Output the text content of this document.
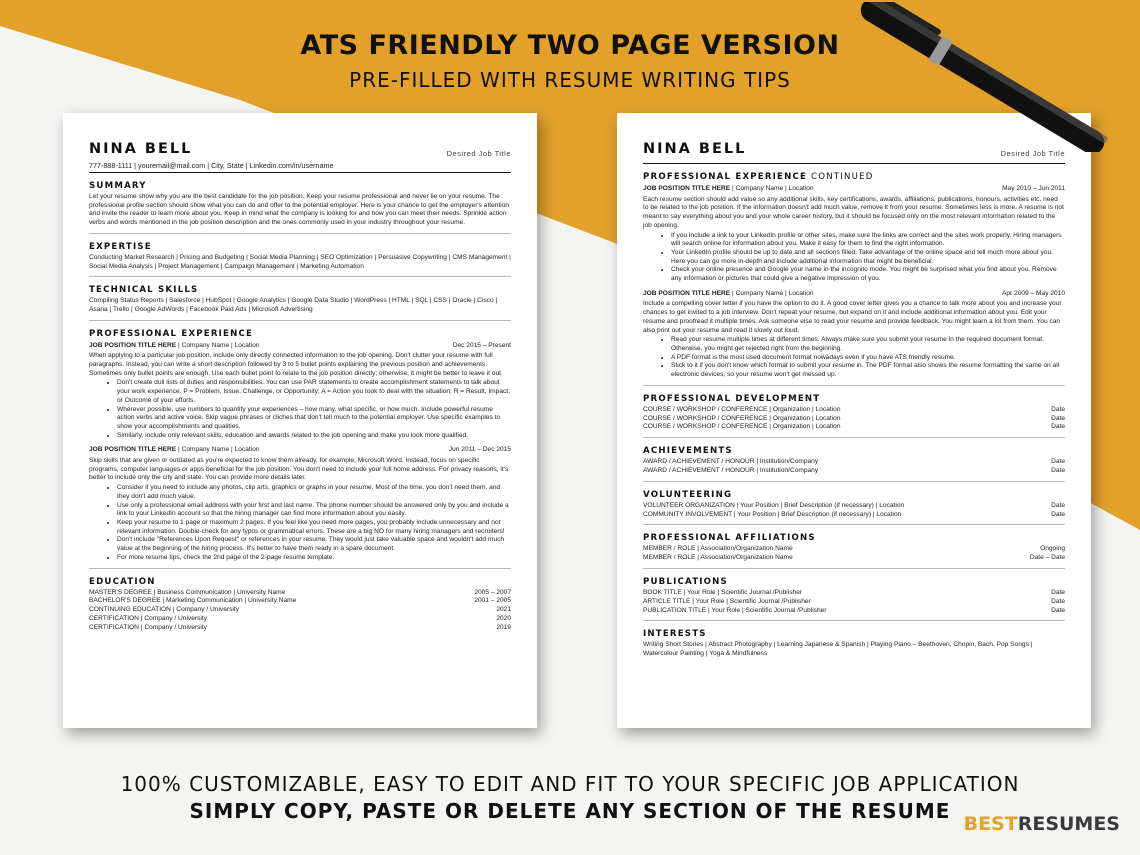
ATS FRIENDLY TWO PAGE VERSION
PRE-FILLED WITH RESUME WRITING TIPS
NINA BELL	Desired Job Title
777-888-1111 | youremail@mail.com | City, State | Linkedin.com/in/username
SUMMARY
Let your resume show why you are the best candidate for the job position. Keep your resume professional and never lie on your resume. The professional profile section should show what you can do and offer to the potential employer. Here is your chance to get the employer's attention and invite the reader to learn more about you. Keep in mind what the company is looking for and how you can meet their needs. Sprinkle action verbs and words mentioned in the job position description and the ones commonly used in your industry throughout your resume.
EXPERTISE
Conducting Market Research | Pricing and Budgeting | Social Media Planning | SEO Optimization | Persuasive Copywriting | CMS Management | Social Media Analysis | Project Management | Campaign Management | Marketing Automation
TECHNICAL SKILLS
Compiling Status Reports | Salesforce | HubSpot | Google Analytics | Google Data Studio | WordPress | HTML | SQL | CSS | Oracle | Cisco | Asana | Trello | Google AdWords | Facebook Paid Ads | Microsoft Advertising
PROFESSIONAL EXPERIENCE
JOB POSITION TITLE HERE | Company Name | Location	Dec 2015 – Present
When applying to a particular job position, include only directly connected information to the job opening. Don't clutter your resume with full paragraphs. Instead, you can write a short description followed by 3 to 5 bullet points explaining the previous position and achievements. Sometimes only bullet points are enough. Use each bullet point to relate to the job position directly; otherwise, it might be better to leave it out.
• Don't create dull lists of duties and responsibilities. You can use PAR statements to create accomplishment statements to talk about your work experience. P = Problem, Issue, Challenge, or Opportunity; A = Action you took to deal with the situation; R = Result, Impact, or Outcome of your efforts.
• Wherever possible, use numbers to quantify your experiences – how many, what specific, or how much. Include powerful resume action verbs and active voice. Skip vague phrases or cliches that don't tell much to the potential employer. Use specific examples to show your accomplishments and qualities.
• Similarly, include only relevant skills, education and awards related to the job opening and make you look more qualified.
JOB POSITION TITLE HERE | Company Name | Location	Jun 2011 – Dec 2015
Skip skills that are given or outdated as you're expected to know them already, for example, Microsoft Word. Instead, focus on specific programs, computer languages or apps beneficial for the job position. You don't need to include your full home address. For privacy reasons, it's better to include only the city and state. You can provide more details later.
• Consider if you need to include any photos, clip arts, graphics or graphs in your resume. Most of the time, you don't need them, and they don't add much value.
• Use only a professional email address with your first and last name. The phone number should be answered only by you and include a link to your LinkedIn account so that the hiring manager can find more information about you easily.
• Keep your resume to 1 page or maximum 2 pages. If you feel like you need more pages, you probably include unnecessary and not relevant information. Double-check for any typos or grammatical errors. These are a big NO for many hiring managers and recruiters!
• Don't include "References Upon Request" or references in your resume. They would just take valuable space and wouldn't add much value at the beginning of the hiring process. It's better to have them ready in a spare document.
• For more resume tips, check the 2nd page of the 2-page resume template.
EDUCATION
MASTER'S DEGREE | Business Communication | University Name	2005 – 2007
BACHELOR'S DEGREE | Marketing Communication | University Name	2001 – 2005
CONTINUING EDUCATION | Company / University	2021
CERTIFICATION | Company / University	2020
CERTIFICATION | Company / University	2019
NINA BELL	Desired Job Title
PROFESSIONAL EXPERIENCE CONTINUED
JOB POSITION TITLE HERE | Company Name | Location	May 2010 – Jun 2011
Each resume section should add value so any additional skills, key certifications, awards, affiliations, publications, honours, activities etc. need to be related to the job position. If the information doesn't add much value, remove it from your resume. Sometimes less is more. A resume is not meant to say everything about you and your whole career history, but it should be focused only on the most relevant information related to the job opening.
• If you include a link to your LinkedIn profile or other sites, make sure the links are correct and the sites work properly. Hiring managers will search online for information about you. Make it easy for them to find the right information.
• Your LinkedIn profile should be up to date and all sections filled. Take advantage of the online space and tell much more about you. Here you can go more in-depth and include additional information that might be beneficial.
• Check your online presence and Google your name in the incognito mode. You might be surprised what you find about you. Remove any information or pictures that could give a negative impression of you.
JOB POSITION TITLE HERE | Company Name | Location	Apr 2009 – May 2010
Include a compelling cover letter if you have the option to do it. A good cover letter gives you a chance to talk more about you and increase your chances to get invited to a job interview. Don't repeat your resume, but expand on it and include additional information about you. Edit your resume and proofread it multiple times. Ask someone else to read your resume and provide feedback. You might learn a lot from them. You can also print out your resume and read it slowly out loud.
• Read your resume multiple times at different times. Always make sure you submit your resume in the required document format. Otherwise, you might get rejected right from the beginning.
• A PDF format is the most used document format nowadays even if you have ATS friendly resume.
• Stick to it if you don't know which format to submit your resume in. The PDF format also shows the resume formatting the same on all electronic devices, so your resume won't get messed up.
PROFESSIONAL DEVELOPMENT
COURSE / WORKSHOP / CONFERENCE | Organization | Location	Date
COURSE / WORKSHOP / CONFERENCE | Organization | Location	Date
COURSE / WORKSHOP / CONFERENCE | Organization | Location	Date
ACHIEVEMENTS
AWARD / ACHIEVEMENT / HONOUR | Institution/Company	Date
AWARD / ACHIEVEMENT / HONOUR | Institution/Company	Date
VOLUNTEERING
VOLUNTEER ORGANIZATION | Your Position | Brief Description (if necessary) | Location	Date
COMMUNITY INVOLVEMENT | Your Position | Brief Description (if necessary) | Location	Date
PROFESSIONAL AFFILIATIONS
MEMBER / ROLE | Association/Organization Name	Ongoing
MEMBER / ROLE | Association/Organization Name	Date – Date
PUBLICATIONS
BOOK TITLE | Your Role | Scientific Journal /Publisher	Date
ARTICLE TITLE | Your Role | Scientific Journal /Publisher	Date
PUBLICATION TITLE | Your Role | Scientific Journal /Publisher	Date
INTERESTS
Writing Short Stories | Abstract Photography | Learning Japanese & Spanish | Playing Piano – Beethoven, Chopin, Bach, Pop Songs | Watercolour Painting | Yoga & Mindfulness
100% CUSTOMIZABLE, EASY TO EDIT AND FIT TO YOUR SPECIFIC JOB APPLICATION
SIMPLY COPY, PASTE OR DELETE ANY SECTION OF THE RESUME
BESTRESUMES
